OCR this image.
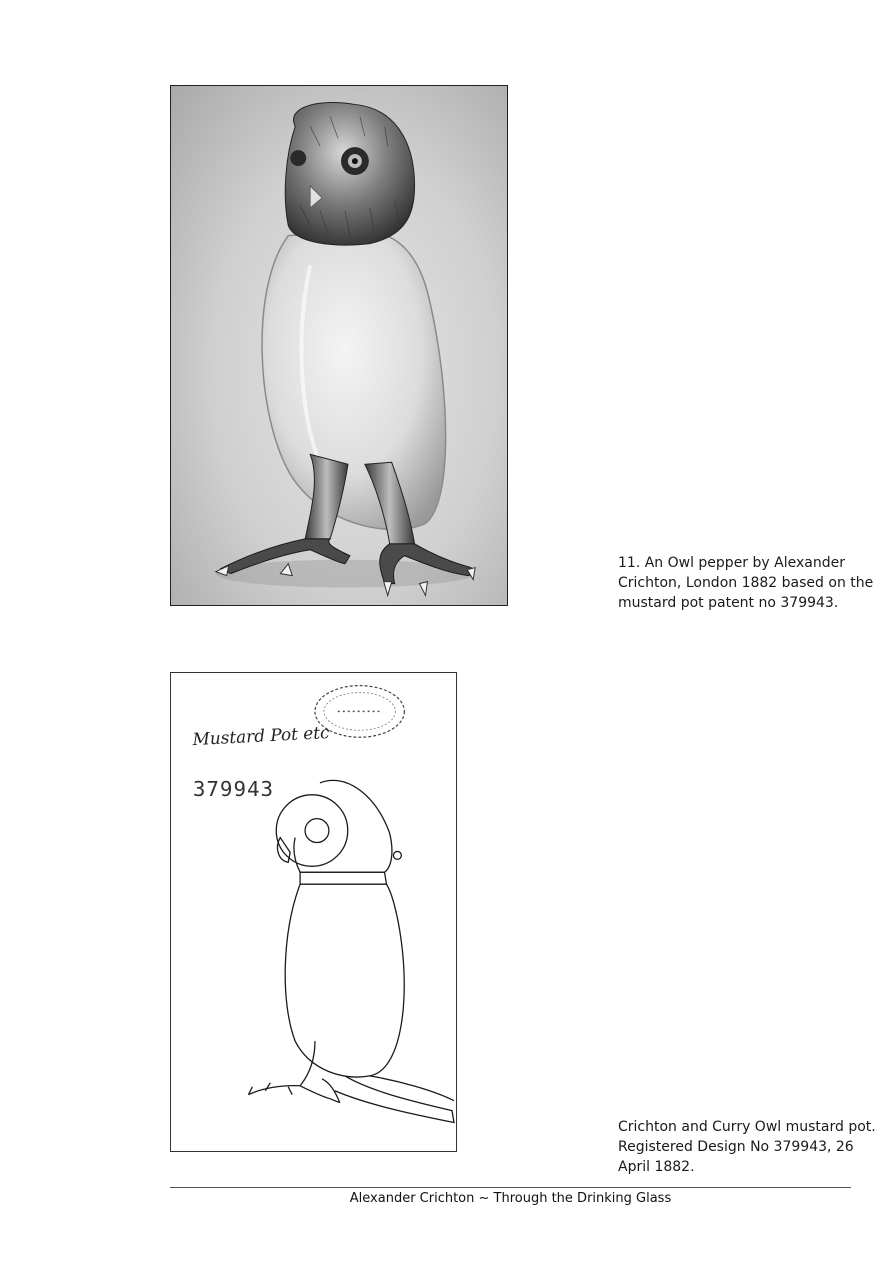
11. An Owl pepper by Alexander Crichton, London 1882 based on the mustard pot patent no 379943.
Mustard Pot etc
379943
Crichton and Curry Owl mustard pot. Registered Design No 379943, 26 April 1882.
Alexander Crichton ~ Through the Drinking Glass
